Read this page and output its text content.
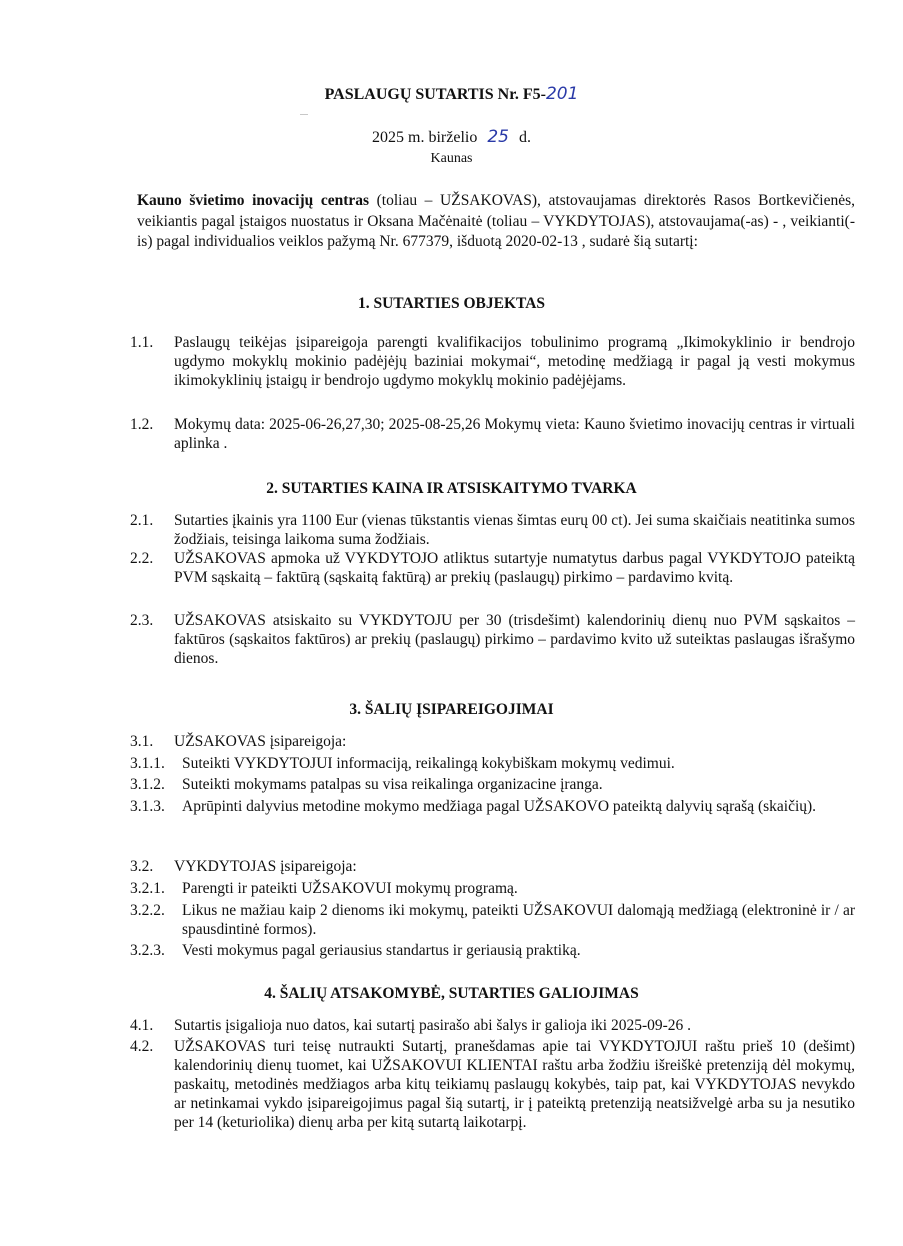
PASLAUGŲ SUTARTIS Nr. F5-201
2025 m. birželio 25 d.
Kaunas
Kauno švietimo inovacijų centras (toliau – UŽSAKOVAS), atstovaujamas direktorės Rasos Bortkevičienės, veikiantis pagal įstaigos nuostatus ir Oksana Mačėnaitė (toliau – VYKDYTOJAS), atstovaujama(-as) - , veikianti(-is) pagal individualios veiklos pažymą Nr. 677379, išduotą 2020-02-13 , sudarė šią sutartį:
1. SUTARTIES OBJEKTAS
1.1. Paslaugų teikėjas įsipareigoja parengti kvalifikacijos tobulinimo programą „Ikimokyklinio ir bendrojo ugdymo mokyklų mokinio padėjėjų baziniai mokymai“, metodinę medžiagą ir pagal ją vesti mokymus ikimokyklinių įstaigų ir bendrojo ugdymo mokyklų mokinio padėjėjams.
1.2. Mokymų data: 2025-06-26,27,30; 2025-08-25,26 Mokymų vieta: Kauno švietimo inovacijų centras ir virtuali aplinka .
2. SUTARTIES KAINA IR ATSISKAITYMO TVARKA
2.1. Sutarties įkainis yra 1100 Eur (vienas tūkstantis vienas šimtas eurų 00 ct). Jei suma skaičiais neatitinka sumos žodžiais, teisinga laikoma suma žodžiais.
2.2. UŽSAKOVAS apmoka už VYKDYTOJO atliktus sutartyje numatytus darbus pagal VYKDYTOJO pateiktą PVM sąskaitą – faktūrą (sąskaitą faktūrą) ar prekių (paslaugų) pirkimo – pardavimo kvitą.
2.3. UŽSAKOVAS atsiskaito su VYKDYTOJU per 30 (trisdešimt) kalendorinių dienų nuo PVM sąskaitos – faktūros (sąskaitos faktūros) ar prekių (paslaugų) pirkimo – pardavimo kvito už suteiktas paslaugas išrašymo dienos.
3. ŠALIŲ ĮSIPAREIGOJIMAI
3.1. UŽSAKOVAS įsipareigoja:
3.1.1. Suteikti VYKDYTOJUI informaciją, reikalingą kokybiškam mokymų vedimui.
3.1.2. Suteikti mokymams patalpas su visa reikalinga organizacine įranga.
3.1.3. Aprūpinti dalyvius metodine mokymo medžiaga pagal UŽSAKOVO pateiktą dalyvių sąrašą (skaičių).
3.2. VYKDYTOJAS įsipareigoja:
3.2.1. Parengti ir pateikti UŽSAKOVUI mokymų programą.
3.2.2. Likus ne mažiau kaip 2 dienoms iki mokymų, pateikti UŽSAKOVUI dalomąją medžiagą (elektroninė ir / ar spausdintinė formos).
3.2.3. Vesti mokymus pagal geriausius standartus ir geriausią praktiką.
4. ŠALIŲ ATSAKOMYBĖ, SUTARTIES GALIOJIMAS
4.1. Sutartis įsigalioja nuo datos, kai sutartį pasirašo abi šalys ir galioja iki 2025-09-26 .
4.2. UŽSAKOVAS turi teisę nutraukti Sutartį, pranešdamas apie tai VYKDYTOJUI raštu prieš 10 (dešimt) kalendorinių dienų tuomet, kai UŽSAKOVUI KLIENTAI raštu arba žodžiu išreiškė pretenziją dėl mokymų, paskaitų, metodinės medžiagos arba kitų teikiamų paslaugų kokybės, taip pat, kai VYKDYTOJAS nevykdo ar netinkamai vykdo įsipareigojimus pagal šią sutartį, ir į pateiktą pretenziją neatsižvelgė arba su ja nesutiko per 14 (keturiolika) dienų arba per kitą sutartą laikotarpį.
